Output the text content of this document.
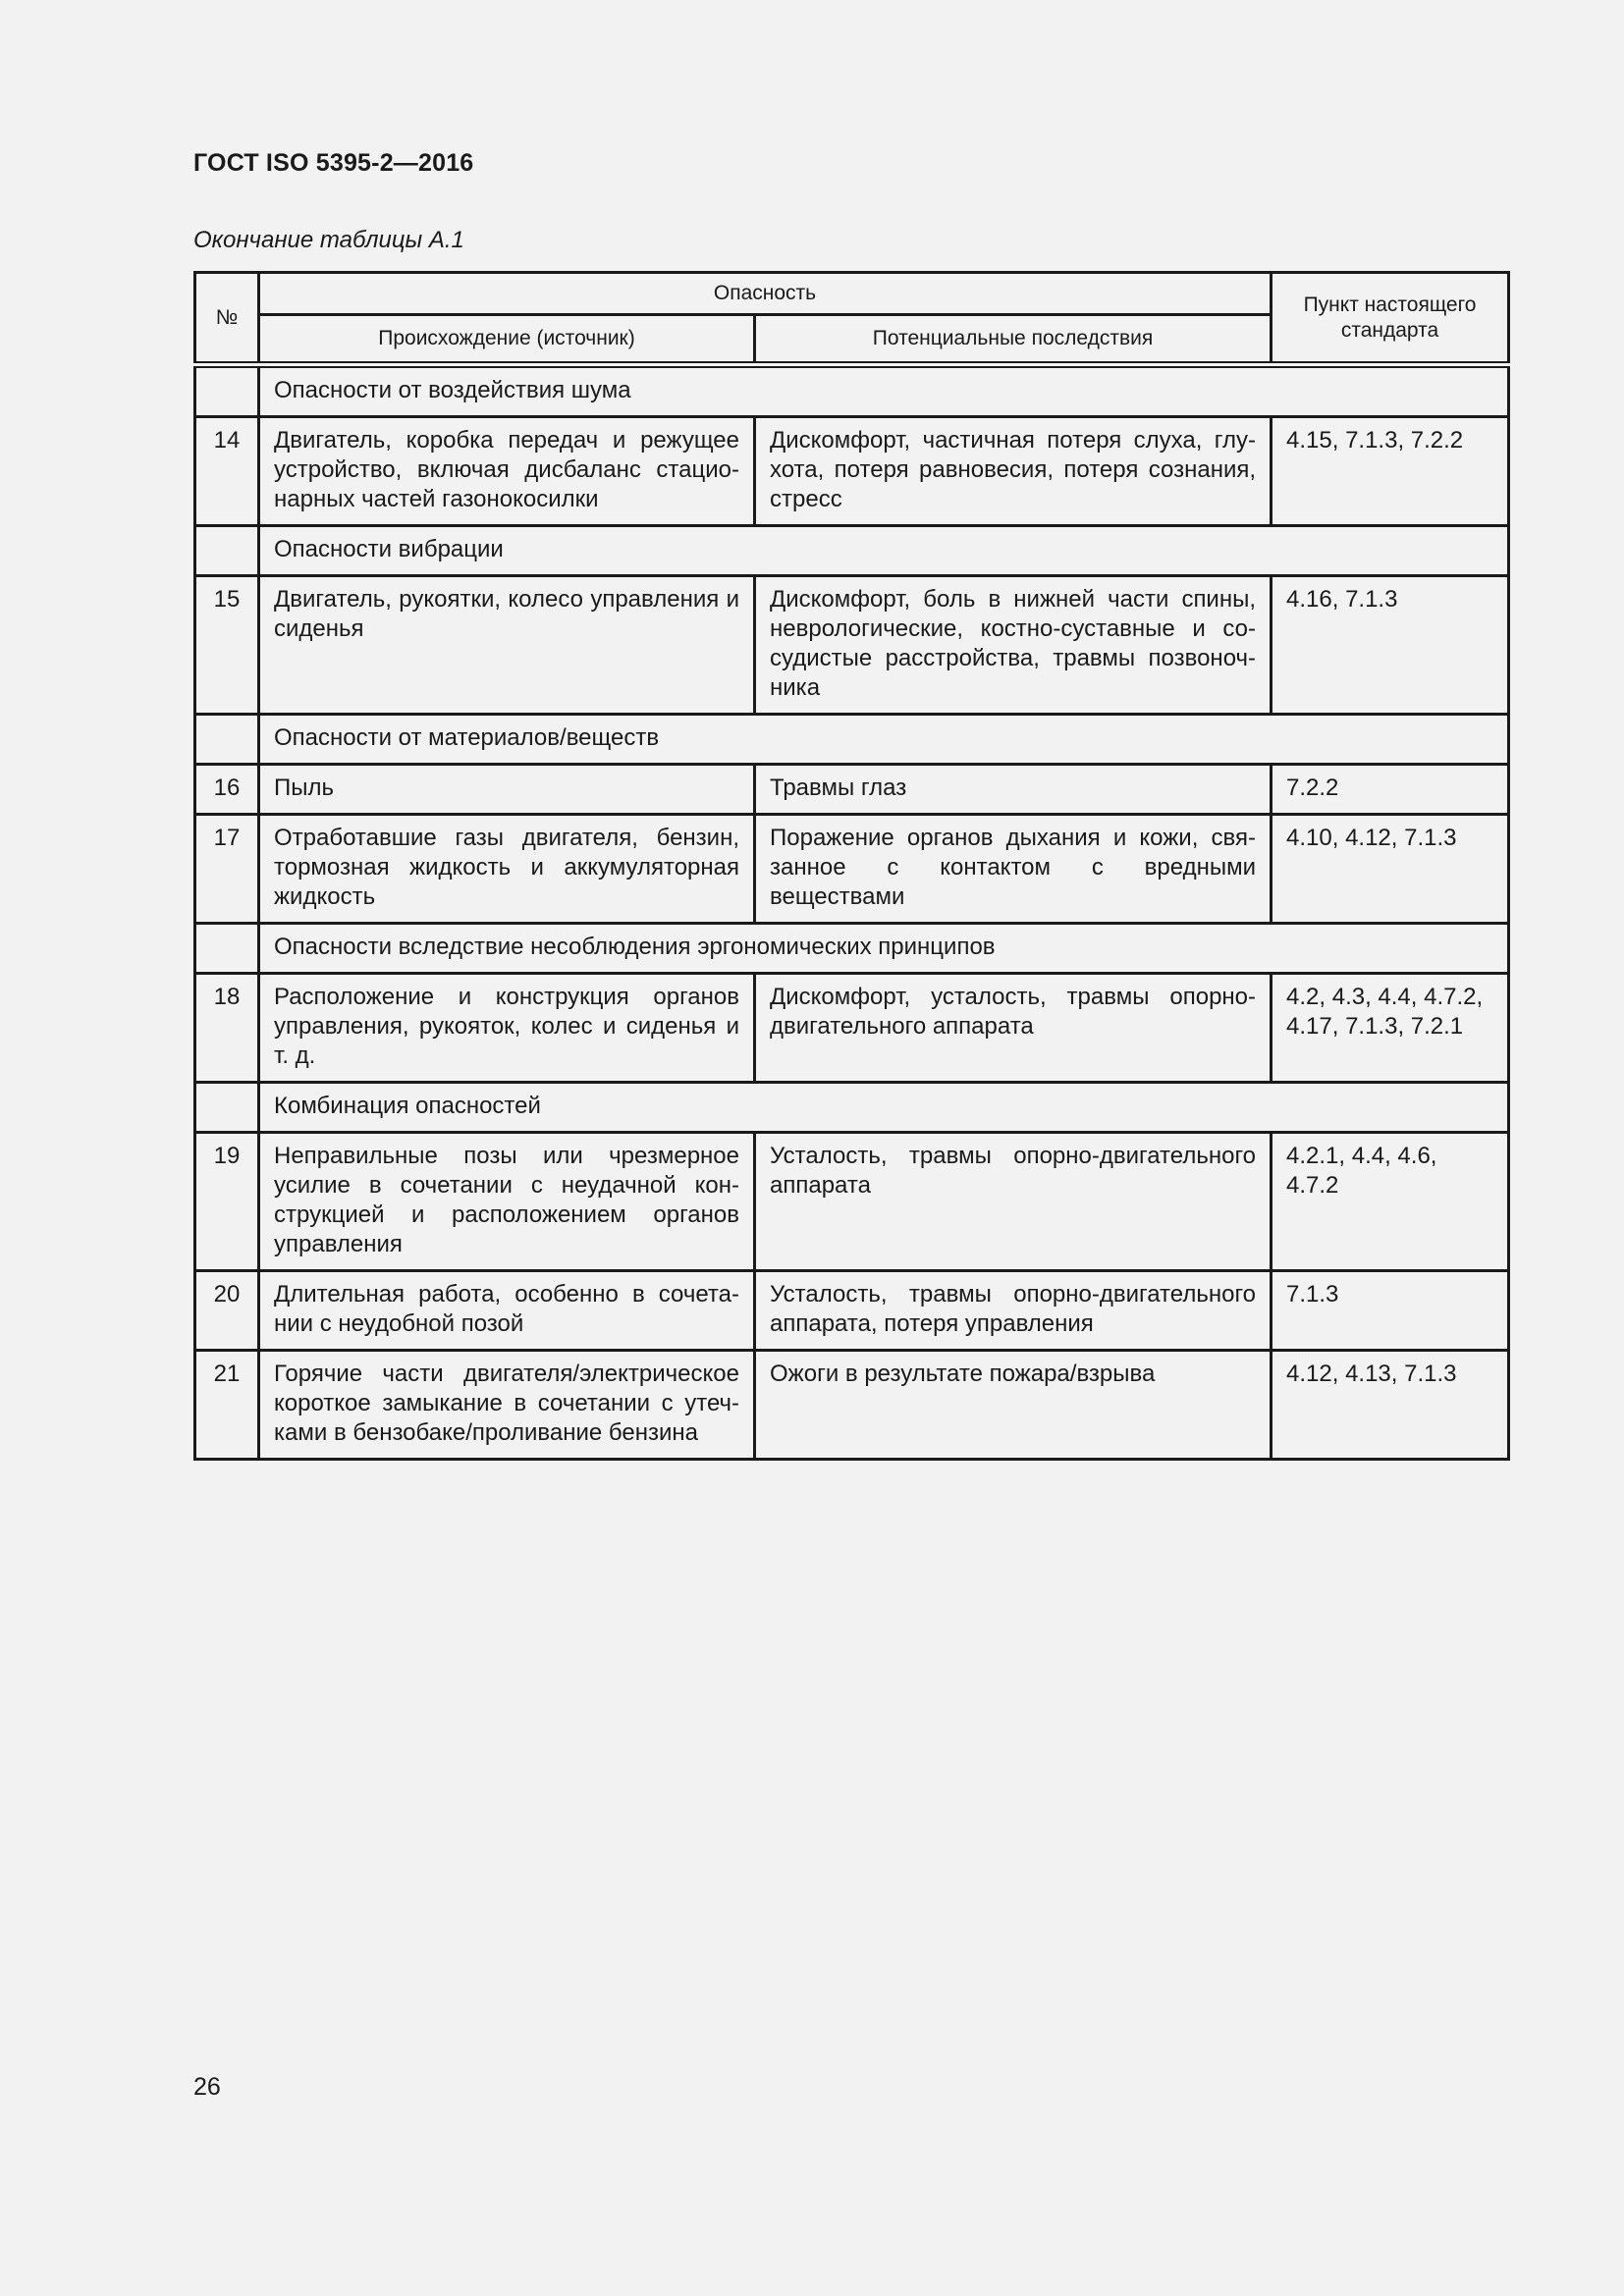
ГОСТ ISO 5395-2—2016
Окончание таблицы А.1
№	Опасность		Пункт настоящего стандарта
	Происхождение (источник)	Потенциальные последствия	
	Опасности от воздействия шума		
14	Двигатель, коробка передач и режущее устройство, включая дисбаланс стационарных частей газонокосилки	Дискомфорт, частичная потеря слуха, глухота, потеря равновесия, потеря сознания, стресс	4.15, 7.1.3, 7.2.2
	Опасности вибрации		
15	Двигатель, рукоятки, колесо управления и сиденья	Дискомфорт, боль в нижней части спины, неврологические, костно-суставные и сосудистые расстройства, травмы позвоночника	4.16, 7.1.3
	Опасности от материалов/веществ		
16	Пыль	Травмы глаз	7.2.2
17	Отработавшие газы двигателя, бензин, тормозная жидкость и аккумуляторная жидкость	Поражение органов дыхания и кожи, связанное с контактом с вредными веществами	4.10, 4.12, 7.1.3
	Опасности вследствие несоблюдения эргономических принципов		
18	Расположение и конструкция органов управления, рукояток, колес и сиденья и т. д.	Дискомфорт, усталость, травмы опорно-двигательного аппарата	4.2, 4.3, 4.4, 4.7.2, 4.17, 7.1.3, 7.2.1
	Комбинация опасностей		
19	Неправильные позы или чрезмерное усилие в сочетании с неудачной конструкцией и расположением органов управления	Усталость, травмы опорно-двигательного аппарата	4.2.1, 4.4, 4.6, 4.7.2
20	Длительная работа, особенно в сочетании с неудобной позой	Усталость, травмы опорно-двигательного аппарата, потеря управления	7.1.3
21	Горячие части двигателя/электрическое короткое замыкание в сочетании с утечками в бензобаке/проливание бензина	Ожоги в результате пожара/взрыва	4.12, 4.13, 7.1.3
26
